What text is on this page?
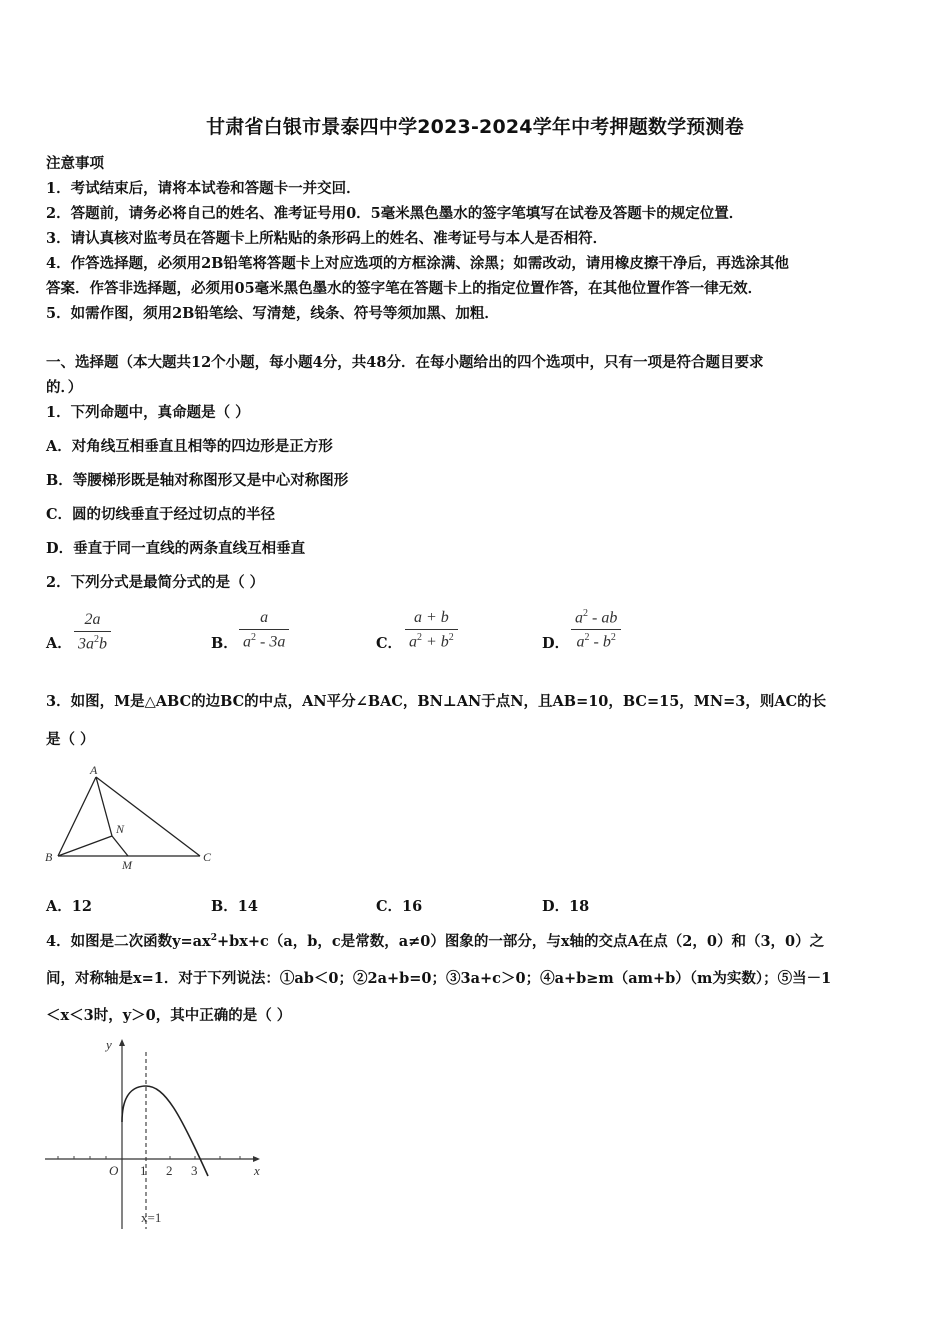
甘肃省白银市景泰四中学2023-2024学年中考押题数学预测卷
注意事项
1．考试结束后，请将本试卷和答题卡一并交回．
2．答题前，请务必将自己的姓名、准考证号用0．5毫米黑色墨水的签字笔填写在试卷及答题卡的规定位置．
3．请认真核对监考员在答题卡上所粘贴的条形码上的姓名、准考证号与本人是否相符．
4．作答选择题，必须用2B铅笔将答题卡上对应选项的方框涂满、涂黑；如需改动，请用橡皮擦干净后，再选涂其他
答案．作答非选择题，必须用05毫米黑色墨水的签字笔在答题卡上的指定位置作答，在其他位置作答一律无效．
5．如需作图，须用2B铅笔绘、写清楚，线条、符号等须加黑、加粗．
一、选择题（本大题共12个小题，每小题4分，共48分．在每小题给出的四个选项中，只有一项是符合题目要求
的．）
1．下列命题中，真命题是（ ）
A．对角线互相垂直且相等的四边形是正方形
B．等腰梯形既是轴对称图形又是中心对称图形
C．圆的切线垂直于经过切点的半径
D．垂直于同一直线的两条直线互相垂直
2．下列分式是最简分式的是（ ）
A． $\frac{2a}{3a^2b}$	B． $\frac{a}{a^2 - 3a}$	C． $\frac{a + b}{a^2 + b^2}$	D． $\frac{a^2 - ab}{a^2 - b^2}$
3．如图，M是△ABC的边BC的中点，AN平分∠BAC，BN⊥AN于点N，且AB=10，BC=15，MN=3，则AC的长
是（ ）
A
B	C
N
M
A．12	B．14	C．16	D．18
4．如图是二次函数$y=ax^2+bx+c(a$，b，c是常数，a≠0）图象的一部分，与x轴的交点A在点（2，0）和（3，0）之
间，对称轴是x=1．对于下列说法：①ab＜0；②2a+b=0；③3a+c＞0；④a+b≥m（am+b）（m为实数）；⑤当－1
＜x＜3时，y＞0，其中正确的是（ ）
y
x
O 1 2 3
x=1
